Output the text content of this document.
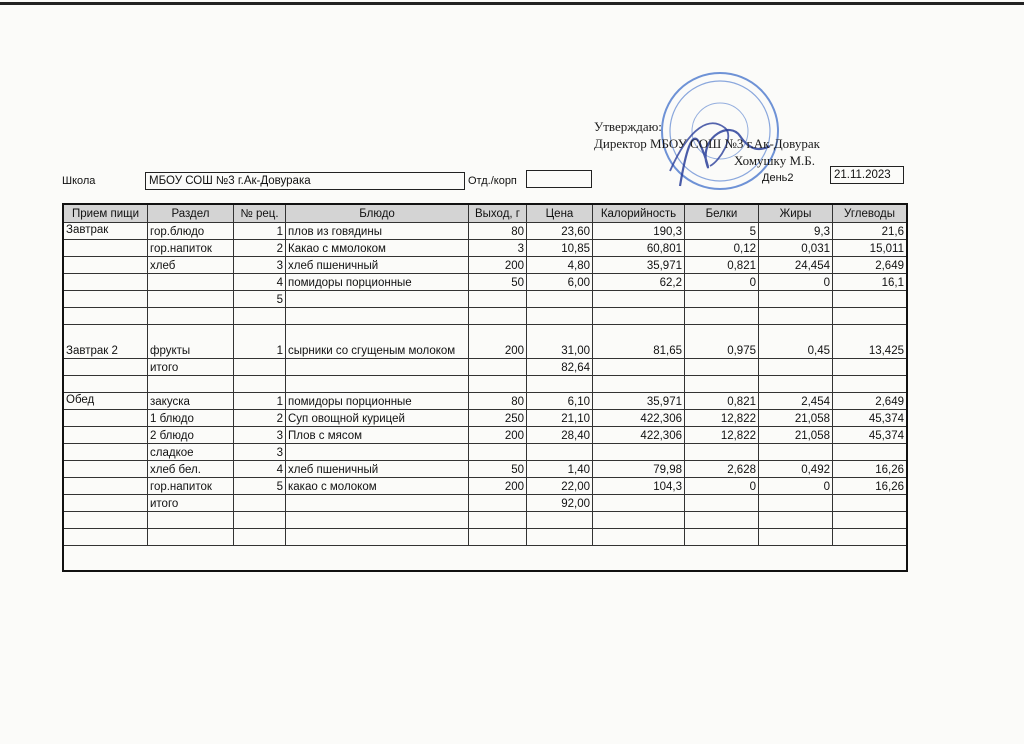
Утверждаю:
Директор МБОУ СОШ №3 г.Ак-Довурак
Хомушку М.Б.
Школа	МБОУ СОШ №3 г.Ак-Довурака	Отд./корп	День2	21.11.2023
Прием пищи	Раздел	№ рец.	Блюдо	Выход, г	Цена	Калорийность	Белки	Жиры	Углеводы
Завтрак	гор.блюдо	1	плов из говядины	80	23,60	190,3	5	9,3	21,6
	гор.напиток	2	Какао с ммолоком	3	10,85	60,801	0,12	0,031	15,011
	хлеб	3	хлеб пшеничный	200	4,80	35,971	0,821	24,454	2,649
		4	помидоры порционные	50	6,00	62,2	0	0	16,1
		5							

Завтрак 2	фрукты	1	сырники со сгущеным молоком	200	31,00	81,65	0,975	0,45	13,425
	итого				82,64				

Обед	закуска	1	помидоры порционные	80	6,10	35,971	0,821	2,454	2,649
	1 блюдо	2	Суп овощной курицей	250	21,10	422,306	12,822	21,058	45,374
	2 блюдо	3	Плов с мясом	200	28,40	422,306	12,822	21,058	45,374
	сладкое	3							
	хлеб бел.	4	хлеб пшеничный	50	1,40	79,98	2,628	0,492	16,26
	гор.напиток	5	какао с молоком	200	22,00	104,3	0	0	16,26
	итого				92,00				
